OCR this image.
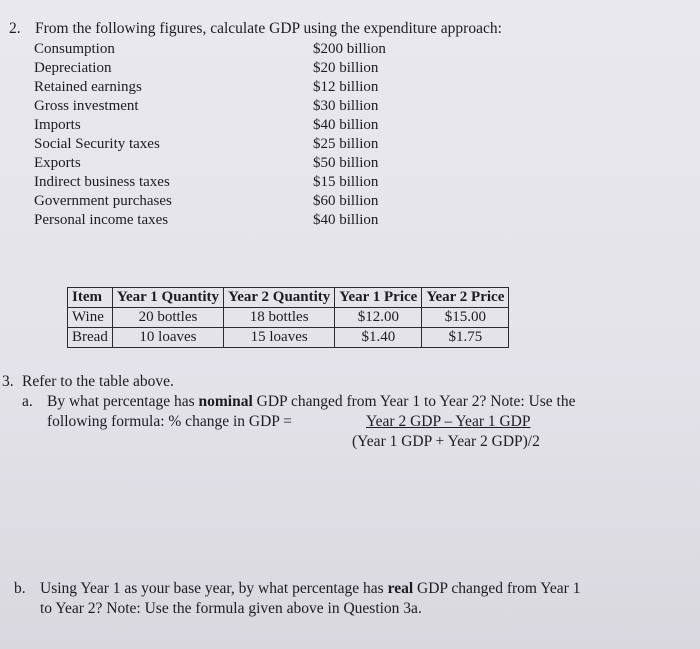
2. From the following figures, calculate GDP using the expenditure approach:
Consumption	$200 billion
Depreciation	$20 billion
Retained earnings	$12 billion
Gross investment	$30 billion
Imports	$40 billion
Social Security taxes	$25 billion
Exports	$50 billion
Indirect business taxes	$15 billion
Government purchases	$60 billion
Personal income taxes	$40 billion
Item	Year 1 Quantity	Year 2 Quantity	Year 1 Price	Year 2 Price
Wine	20 bottles	18 bottles	$12.00	$15.00
Bread	10 loaves	15 loaves	$1.40	$1.75
3. Refer to the table above.
a. By what percentage has nominal GDP changed from Year 1 to Year 2? Note: Use the
following formula: % change in GDP =	Year 2 GDP – Year 1 GDP
(Year 1 GDP + Year 2 GDP)/2
b. Using Year 1 as your base year, by what percentage has real GDP changed from Year 1
to Year 2? Note: Use the formula given above in Question 3a.
